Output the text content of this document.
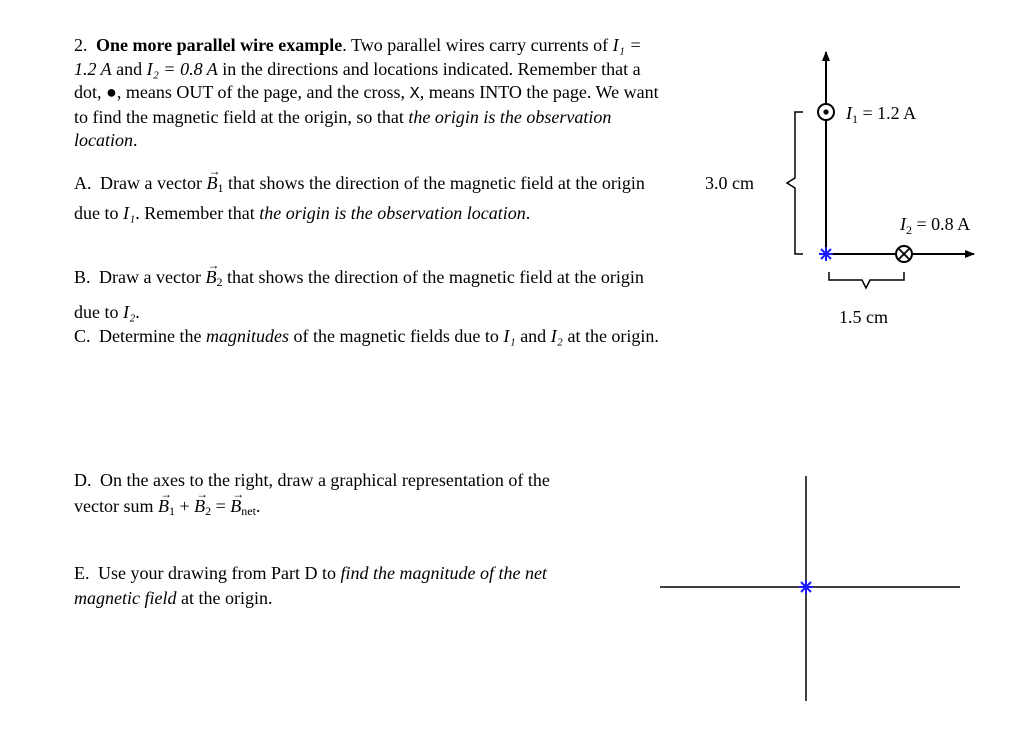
2. One more parallel wire example. Two parallel wires carry currents of I₁ = 1.2 A and I₂ = 0.8 A in the directions and locations indicated. Remember that a dot, ●, means OUT of the page, and the cross, X, means INTO the page. We want to find the magnetic field at the origin, so that the origin is the observation location.

A. Draw a vector → $B_1$ that shows the direction of the magnetic field at the origin due to I₁. Remember that the origin is the observation location.

B. Draw a vector → $B_2$ that shows the direction of the magnetic field at the origin due to I₂.

C. Determine the magnitudes of the magnetic fields due to I₁ and I₂ at the origin.

D. On the axes to the right, draw a graphical representation of the vector sum → $B_1$ + → $B_2$ = → $B_{net}$.

E. Use your drawing from Part D to find the magnitude of the net magnetic field at the origin.

$I_1 = 1.2$ A
$I_2 = 0.8$ A
3.0 cm
1.5 cm
